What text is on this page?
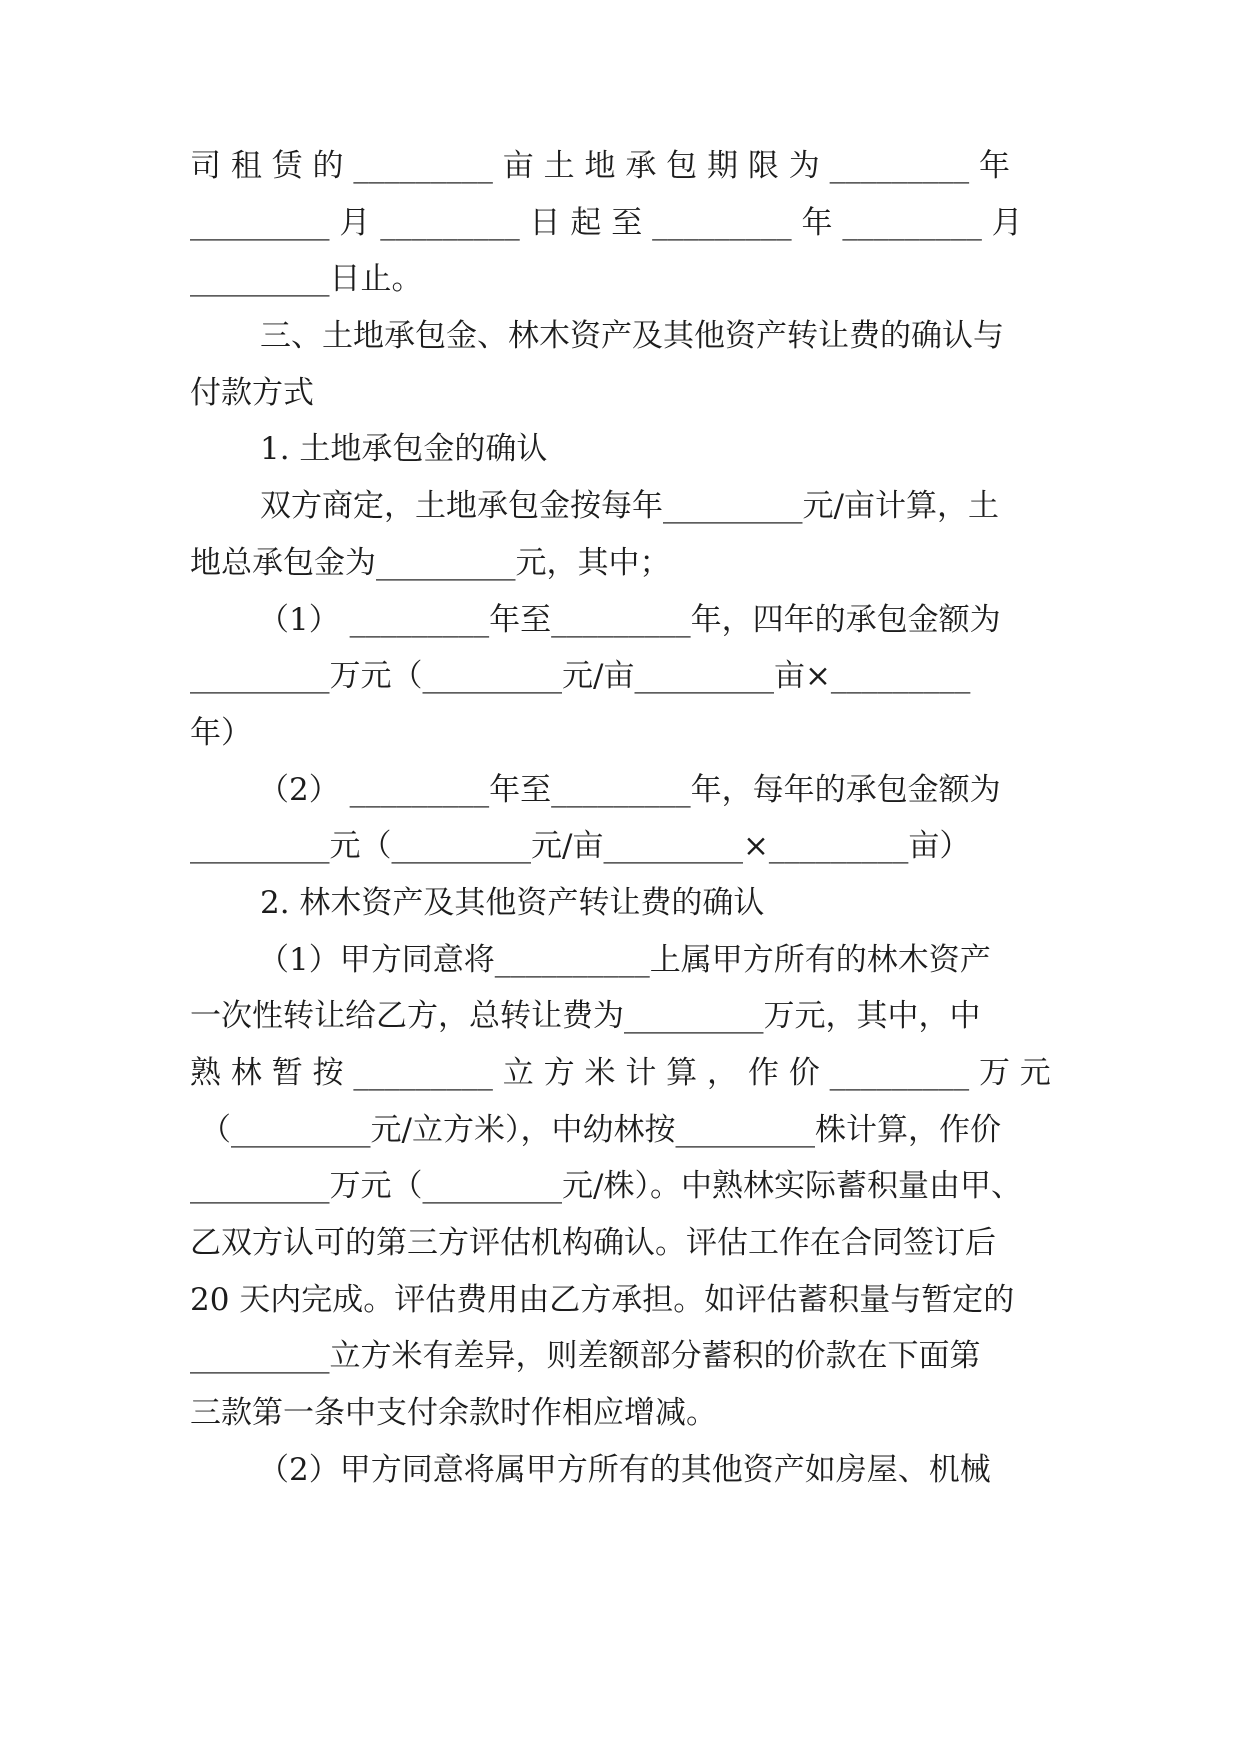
司 租 赁 的 _________ 亩 土 地 承 包 期 限 为 _________ 年
_________ 月 _________ 日 起 至 _________ 年 _________ 月
_________日止。
三、土地承包金、林木资产及其他资产转让费的确认与
付款方式
1. 土地承包金的确认
双方商定，土地承包金按每年_________元/亩计算，土
地总承包金为_________元，其中；
（1） _________年至_________年，四年的承包金额为
_________万元（_________元/亩_________亩×_________
年）
（2） _________年至_________年，每年的承包金额为
_________元（_________元/亩_________×_________亩）
2. 林木资产及其他资产转让费的确认
（1）甲方同意将__________上属甲方所有的林木资产
一次性转让给乙方，总转让费为_________万元，其中，中
熟 林 暂 按 _________ 立 方 米 计 算 ， 作 价 _________ 万 元
（_________元/立方米），中幼林按_________株计算，作价
_________万元（_________元/株）。中熟林实际蓄积量由甲、
乙双方认可的第三方评估机构确认。评估工作在合同签订后
20 天内完成。评估费用由乙方承担。如评估蓄积量与暂定的
_________立方米有差异，则差额部分蓄积的价款在下面第
三款第一条中支付余款时作相应增减。
（2）甲方同意将属甲方所有的其他资产如房屋、机械
